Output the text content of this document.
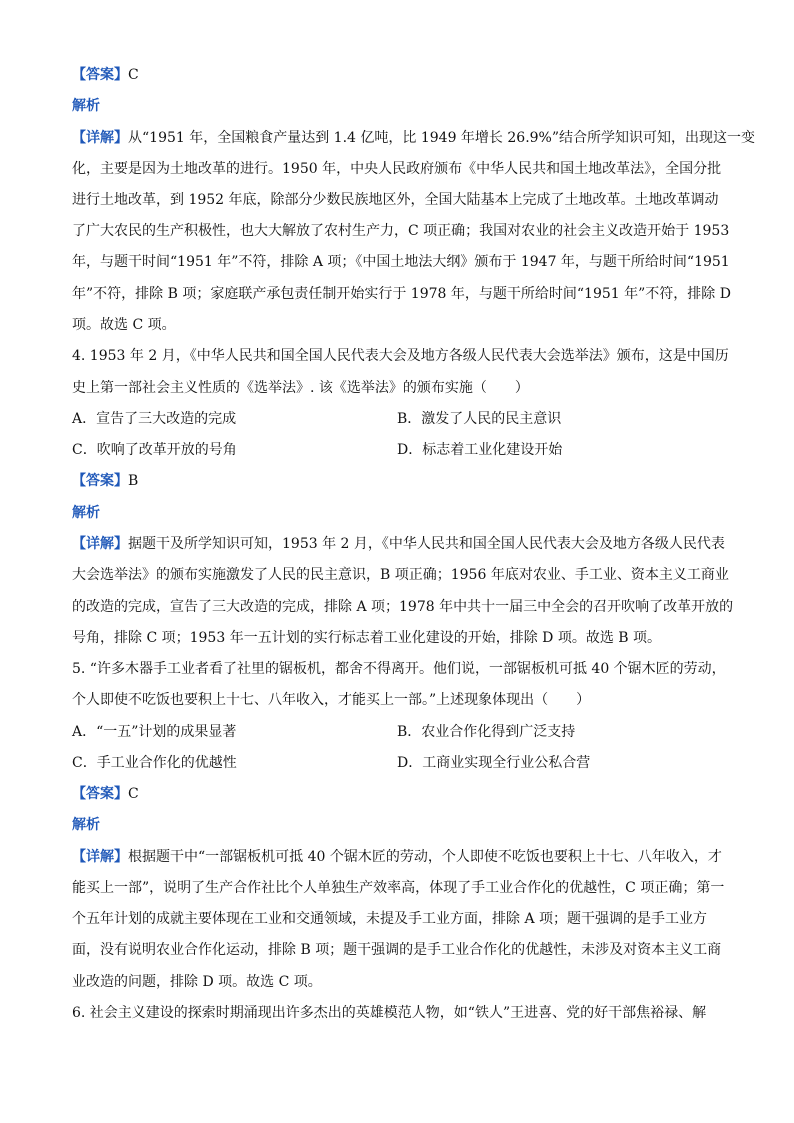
【答案】C
解析
【详解】从“1951 年，全国粮食产量达到 1.4 亿吨，比 1949 年增长 26.9%”结合所学知识可知，出现这一变
化，主要是因为土地改革的进行。1950 年，中央人民政府颁布《中华人民共和国土地改革法》，全国分批
进行土地改革，到 1952 年底，除部分少数民族地区外，全国大陆基本上完成了土地改革。土地改革调动
了广大农民的生产积极性，也大大解放了农村生产力，C 项正确；我国对农业的社会主义改造开始于 1953
年，与题干时间“1951 年”不符，排除 A 项；《中国土地法大纲》颁布于 1947 年，与题干所给时间“1951
年”不符，排除 B 项；家庭联产承包责任制开始实行于 1978 年，与题干所给时间“1951 年”不符，排除 D
项。故选 C 项。
4. 1953 年 2 月，《中华人民共和国全国人民代表大会及地方各级人民代表大会选举法》颁布，这是中国历
史上第一部社会主义性质的《选举法》. 该《选举法》的颁布实施（　　）
A．宣告了三大改造的完成	B．激发了人民的民主意识
C．吹响了改革开放的号角	D．标志着工业化建设开始
【答案】B
解析
【详解】据题干及所学知识可知，1953 年 2 月，《中华人民共和国全国人民代表大会及地方各级人民代表
大会选举法》的颁布实施激发了人民的民主意识，B 项正确；1956 年底对农业、手工业、资本主义工商业
的改造的完成，宣告了三大改造的完成，排除 A 项；1978 年中共十一届三中全会的召开吹响了改革开放的
号角，排除 C 项；1953 年一五计划的实行标志着工业化建设的开始，排除 D 项。故选 B 项。
5. “许多木器手工业者看了社里的锯板机，都舍不得离开。他们说，一部锯板机可抵 40 个锯木匠的劳动，
个人即使不吃饭也要积上十七、八年收入，才能买上一部。”上述现象体现出（　　）
A．“一五”计划的成果显著	B．农业合作化得到广泛支持
C．手工业合作化的优越性	D．工商业实现全行业公私合营
【答案】C
解析
【详解】根据题干中“一部锯板机可抵 40 个锯木匠的劳动，个人即使不吃饭也要积上十七、八年收入，才
能买上一部”，说明了生产合作社比个人单独生产效率高，体现了手工业合作化的优越性，C 项正确；第一
个五年计划的成就主要体现在工业和交通领域，未提及手工业方面，排除 A 项；题干强调的是手工业方
面，没有说明农业合作化运动，排除 B 项；题干强调的是手工业合作化的优越性，未涉及对资本主义工商
业改造的问题，排除 D 项。故选 C 项。
6. 社会主义建设的探索时期涌现出许多杰出的英雄模范人物，如“铁人”王进喜、党的好干部焦裕禄、解
